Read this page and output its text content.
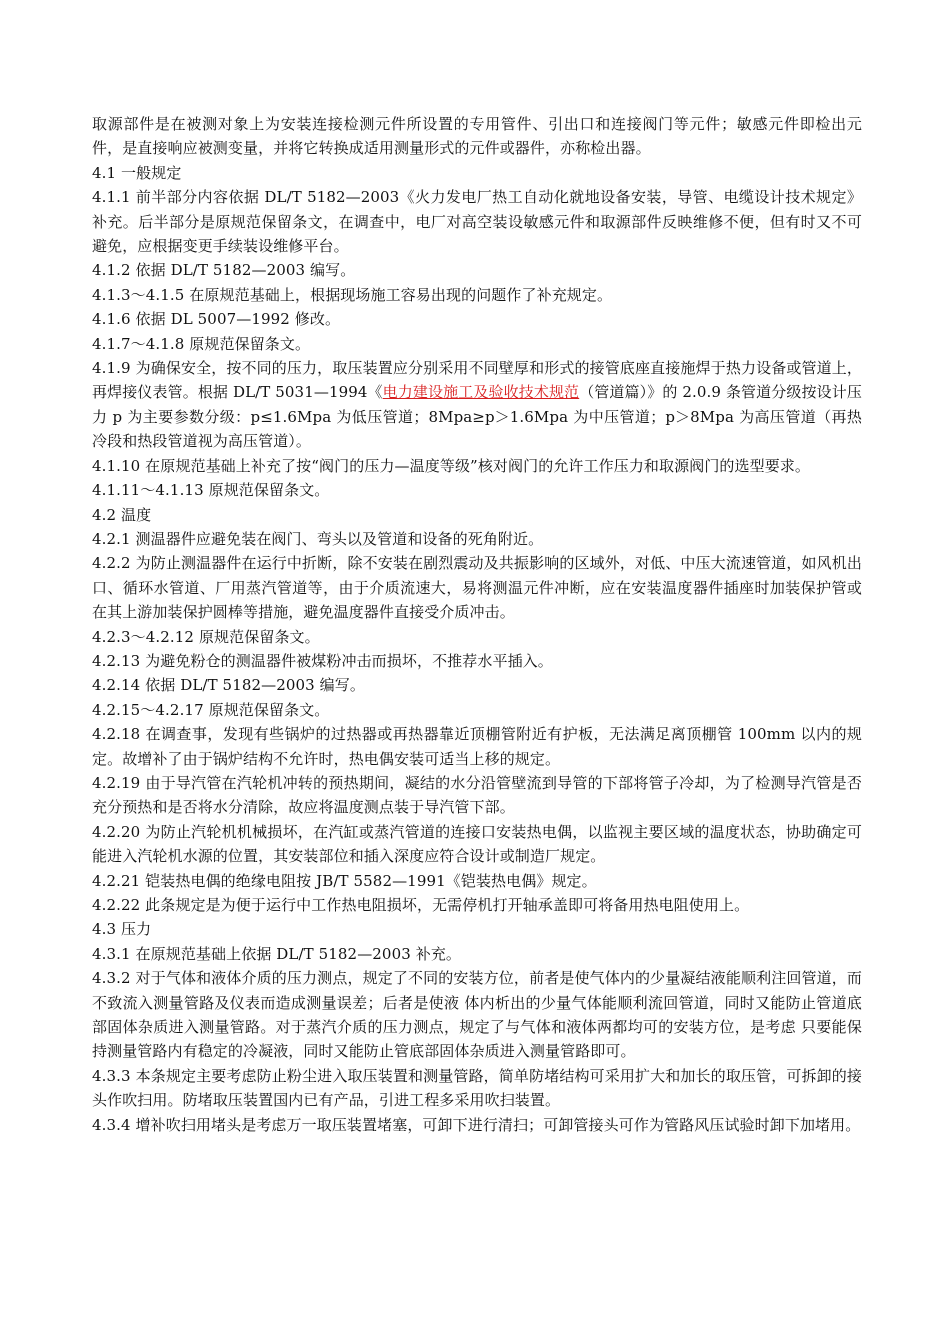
取源部件是在被测对象上为安装连接检测元件所设置的专用管件、引出口和连接阀门等元件；敏感元件即检出元件，是直接响应被测变量，并将它转换成适用测量形式的元件或器件，亦称检出器。

4.1 一般规定

4.1.1 前半部分内容依据 DL/T 5182—2003《火力发电厂热工自动化就地设备安装，导管、电缆设计技术规定》补充。后半部分是原规范保留条文，在调查中，电厂对高空装设敏感元件和取源部件反映维修不便，但有时又不可避免，应根据变更手续装设维修平台。

4.1.2 依据 DL/T 5182—2003 编写。

4.1.3～4.1.5 在原规范基础上，根据现场施工容易出现的问题作了补充规定。

4.1.6 依据 DL 5007—1992 修改。

4.1.7～4.1.8 原规范保留条文。

4.1.9 为确保安全，按不同的压力，取压装置应分别采用不同壁厚和形式的接管底座直接施焊于热力设备或管道上，再焊接仪表管。根据 DL/T 5031—1994《电力建设施工及验收技术规范（管道篇）》的 2.0.9 条管道分级按设计压力 p 为主要参数分级：p≤1.6Mpa 为低压管道；8Mpa≥p＞1.6Mpa 为中压管道；p＞8Mpa 为高压管道（再热冷段和热段管道视为高压管道）。

4.1.10 在原规范基础上补充了按“阀门的压力—温度等级”核对阀门的允许工作压力和取源阀门的选型要求。

4.1.11～4.1.13 原规范保留条文。

4.2 温度

4.2.1 测温器件应避免装在阀门、弯头以及管道和设备的死角附近。

4.2.2 为防止测温器件在运行中折断，除不安装在剧烈震动及共振影响的区域外，对低、中压大流速管道，如风机出口、循环水管道、厂用蒸汽管道等，由于介质流速大，易将测温元件冲断，应在安装温度器件插座时加装保护管或在其上游加装保护圆棒等措施，避免温度器件直接受介质冲击。

4.2.3～4.2.12 原规范保留条文。

4.2.13 为避免粉仓的测温器件被煤粉冲击而损坏，不推荐水平插入。

4.2.14 依据 DL/T 5182—2003 编写。

4.2.15～4.2.17 原规范保留条文。

4.2.18 在调查事，发现有些锅炉的过热器或再热器靠近顶棚管附近有护板，无法满足离顶棚管 100mm 以内的规定。故增补了由于锅炉结构不允许时，热电偶安装可适当上移的规定。

4.2.19 由于导汽管在汽轮机冲转的预热期间，凝结的水分沿管壁流到导管的下部将管子冷却，为了检测导汽管是否充分预热和是否将水分清除，故应将温度测点装于导汽管下部。

4.2.20 为防止汽轮机机械损坏，在汽缸或蒸汽管道的连接口安装热电偶，以监视主要区域的温度状态，协助确定可能进入汽轮机水源的位置，其安装部位和插入深度应符合设计或制造厂规定。

4.2.21 铠装热电偶的绝缘电阻按 JB/T 5582—1991《铠装热电偶》规定。

4.2.22 此条规定是为便于运行中工作热电阻损坏，无需停机打开轴承盖即可将备用热电阻使用上。

4.3 压力

4.3.1 在原规范基础上依据 DL/T 5182—2003 补充。

4.3.2 对于气体和液体介质的压力测点，规定了不同的安装方位，前者是使气体内的少量凝结液能顺利注回管道，而不致流入测量管路及仪表而造成测量误差；后者是使液 体内析出的少量气体能顺利流回管道，同时又能防止管道底部固体杂质进入测量管路。对于蒸汽介质的压力测点，规定了与气体和液体两都均可的安装方位，是考虑 只要能保持测量管路内有稳定的冷凝液，同时又能防止管底部固体杂质进入测量管路即可。

4.3.3 本条规定主要考虑防止粉尘进入取压装置和测量管路，简单防堵结构可采用扩大和加长的取压管，可拆卸的接头作吹扫用。防堵取压装置国内已有产品，引进工程多采用吹扫装置。

4.3.4 增补吹扫用堵头是考虑万一取压装置堵塞，可卸下进行清扫；可卸管接头可作为管路风压试验时卸下加堵用。
